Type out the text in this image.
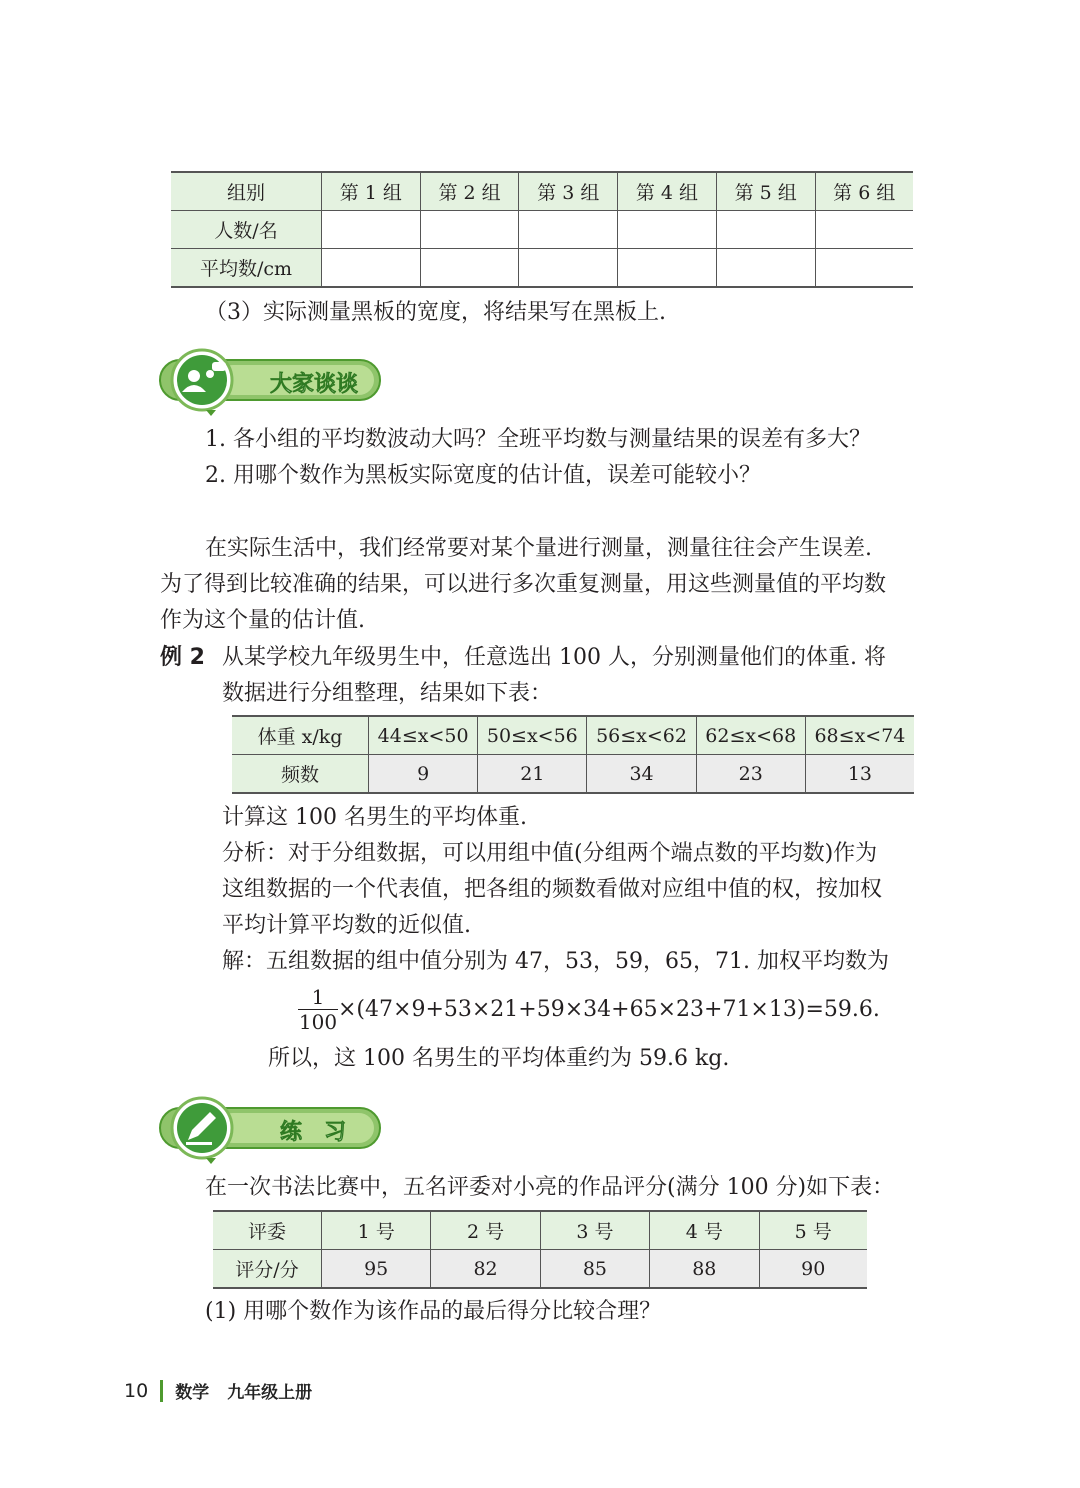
组别	第 1 组	第 2 组	第 3 组	第 4 组	第 5 组	第 6 组
人数/名						
平均数/cm						
（3）实际测量黑板的宽度，将结果写在黑板上.
大家谈谈
1. 各小组的平均数波动大吗？全班平均数与测量结果的误差有多大？
2. 用哪个数作为黑板实际宽度的估计值，误差可能较小？
在实际生活中，我们经常要对某个量进行测量，测量往往会产生误差.
为了得到比较准确的结果，可以进行多次重复测量，用这些测量值的平均数
作为这个量的估计值.
例 2 从某学校九年级男生中，任意选出 100 人，分别测量他们的体重. 将
数据进行分组整理，结果如下表：
体重 x/kg	44≤x<50	50≤x<56	56≤x<62	62≤x<68	68≤x<74
频数	9	21	34	23	13
计算这 100 名男生的平均体重.
分析：对于分组数据，可以用组中值(分组两个端点数的平均数)作为
这组数据的一个代表值，把各组的频数看做对应组中值的权，按加权
平均计算平均数的近似值.
解：五组数据的组中值分别为 47，53，59，65，71. 加权平均数为
1
100 ×(47×9+53×21+59×34+65×23+71×13)=59.6.
所以，这 100 名男生的平均体重约为 59.6 kg.
练　习
在一次书法比赛中，五名评委对小亮的作品评分(满分 100 分)如下表：
评委	1 号	2 号	3 号	4 号	5 号
评分/分	95	82	85	88	90
(1) 用哪个数作为该作品的最后得分比较合理？
10 数学 九年级上册
